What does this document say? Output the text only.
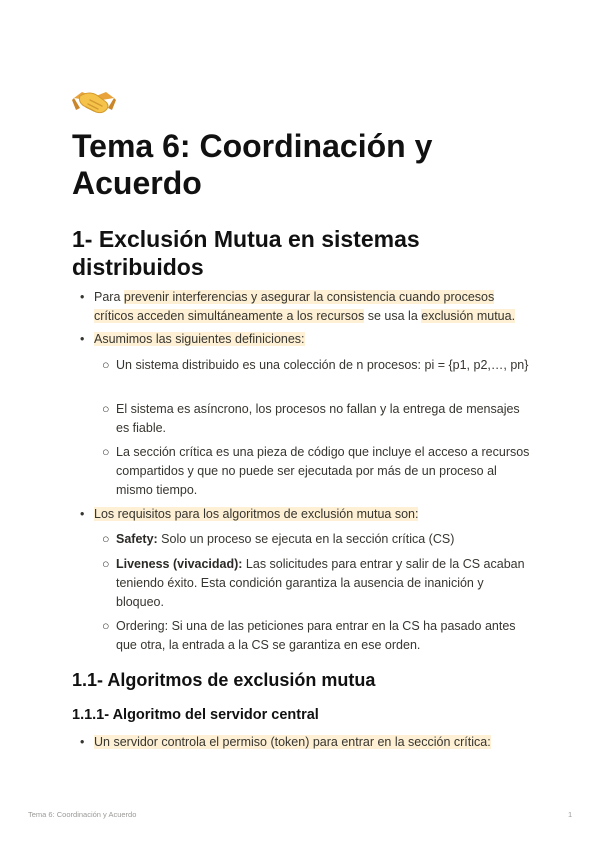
Tema 6: Coordinación y Acuerdo
1- Exclusión Mutua en sistemas distribuidos
• Para prevenir interferencias y asegurar la consistencia cuando procesos críticos acceden simultáneamente a los recursos se usa la exclusión mutua.
• Asumimos las siguientes definiciones:
○ Un sistema distribuido es una colección de n procesos: pi = {p1, p2,…, pn}
○ El sistema es asíncrono, los procesos no fallan y la entrega de mensajes es fiable.
○ La sección crítica es una pieza de código que incluye el acceso a recursos compartidos y que no puede ser ejecutada por más de un proceso al mismo tiempo.
• Los requisitos para los algoritmos de exclusión mutua son:
○ Safety: Solo un proceso se ejecuta en la sección crítica (CS)
○ Liveness (vivacidad): Las solicitudes para entrar y salir de la CS acaban teniendo éxito. Esta condición garantiza la ausencia de inanición y bloqueo.
○ Ordering: Si una de las peticiones para entrar en la CS ha pasado antes que otra, la entrada a la CS se garantiza en ese orden.
1.1- Algoritmos de exclusión mutua
1.1.1- Algoritmo del servidor central
• Un servidor controla el permiso (token) para entrar en la sección crítica:
Tema 6: Coordinación y Acuerdo	1
